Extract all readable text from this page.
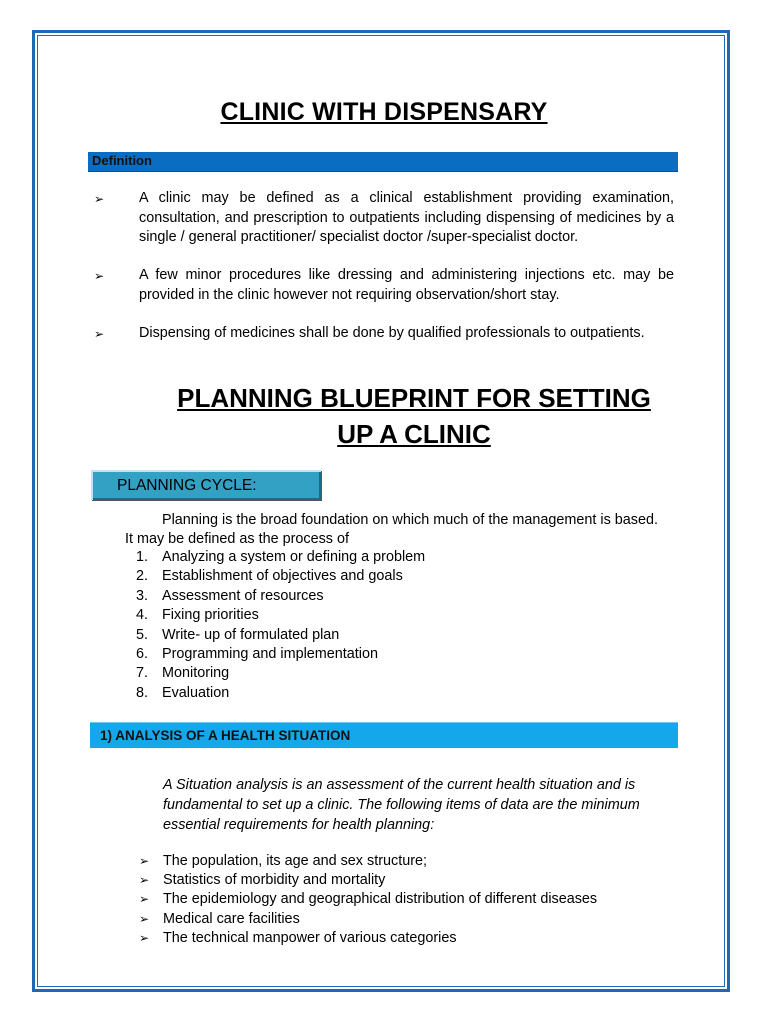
CLINIC WITH DISPENSARY
Definition
➢ A clinic may be defined as a clinical establishment providing examination, consultation, and prescription to outpatients including dispensing of medicines by a single / general practitioner/ specialist doctor /super-specialist doctor.
➢ A few minor procedures like dressing and administering injections etc. may be provided in the clinic however not requiring observation/short stay.
➢ Dispensing of medicines shall be done by qualified professionals to outpatients.
PLANNING BLUEPRINT FOR SETTING
UP A CLINIC
PLANNING CYCLE:
Planning is the broad foundation on which much of the management is based. It may be defined as the process of
1. Analyzing a system or defining a problem
2. Establishment of objectives and goals
3. Assessment of resources
4. Fixing priorities
5. Write- up of formulated plan
6. Programming and implementation
7. Monitoring
8. Evaluation
1) ANALYSIS OF A HEALTH SITUATION
A Situation analysis is an assessment of the current health situation and is fundamental to set up a clinic. The following items of data are the minimum essential requirements for health planning:
➢ The population, its age and sex structure;
➢ Statistics of morbidity and mortality
➢ The epidemiology and geographical distribution of different diseases
➢ Medical care facilities
➢ The technical manpower of various categories
